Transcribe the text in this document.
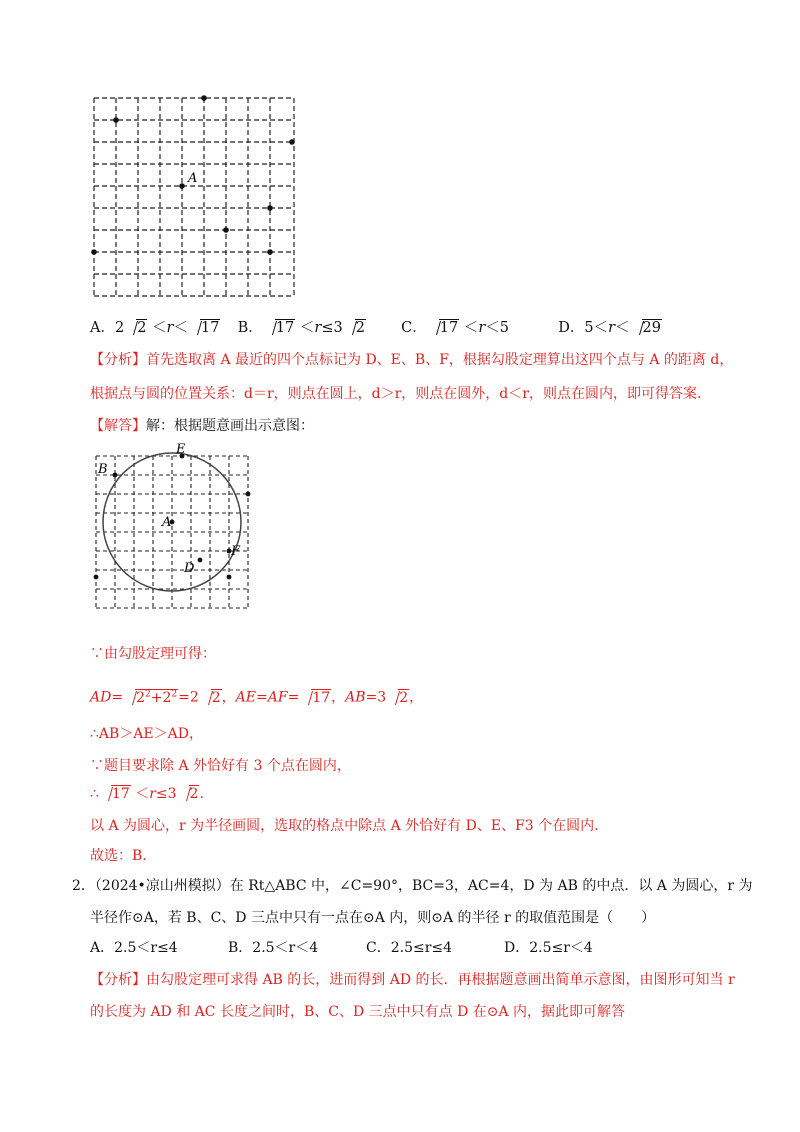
A
A．2 2 ＜r＜ 17 B． 17 ＜r≤3 2 C． 17 ＜r＜5	D．5＜r＜ 29
【分析】首先选取离 A 最近的四个点标记为 D、E、B、F，根据勾股定理算出这四个点与 A 的距离 d，
根据点与圆的位置关系：d＝r，则点在圆上，d＞r，则点在圆外，d＜r，则点在圆内，即可得答案.
【解答】解：根据题意画出示意图：
E
B
A
F
D
∵由勾股定理可得：
$AD= 2^2+2^2=2$ 2，AE=AF= 17，AB=3 2，
∴AB＞AE＞AD，
∵题目要求除 A 外恰好有 3 个点在圆内，
∴ 17 ＜r≤3 2.
以 A 为圆心，r 为半径画圆，选取的格点中除点 A 外恰好有 D、E、F3 个在圆内.
故选：B.
2．（2024•凉山州模拟）在 Rt△ABC 中，∠C=90°，BC=3，AC=4，D 为 AB 的中点．以 A 为圆心，r 为
半径作⊙A，若 B、C、D 三点中只有一点在⊙A 内，则⊙A 的半径 r 的取值范围是（　　）
A．2.5＜r≤4	B．2.5＜r＜4	C．2.5≤r≤4	D．2.5≤r＜4
【分析】由勾股定理可求得 AB 的长，进而得到 AD 的长．再根据题意画出简单示意图，由图形可知当 r
的长度为 AD 和 AC 长度之间时，B、C、D 三点中只有点 D 在⊙A 内，据此即可解答
